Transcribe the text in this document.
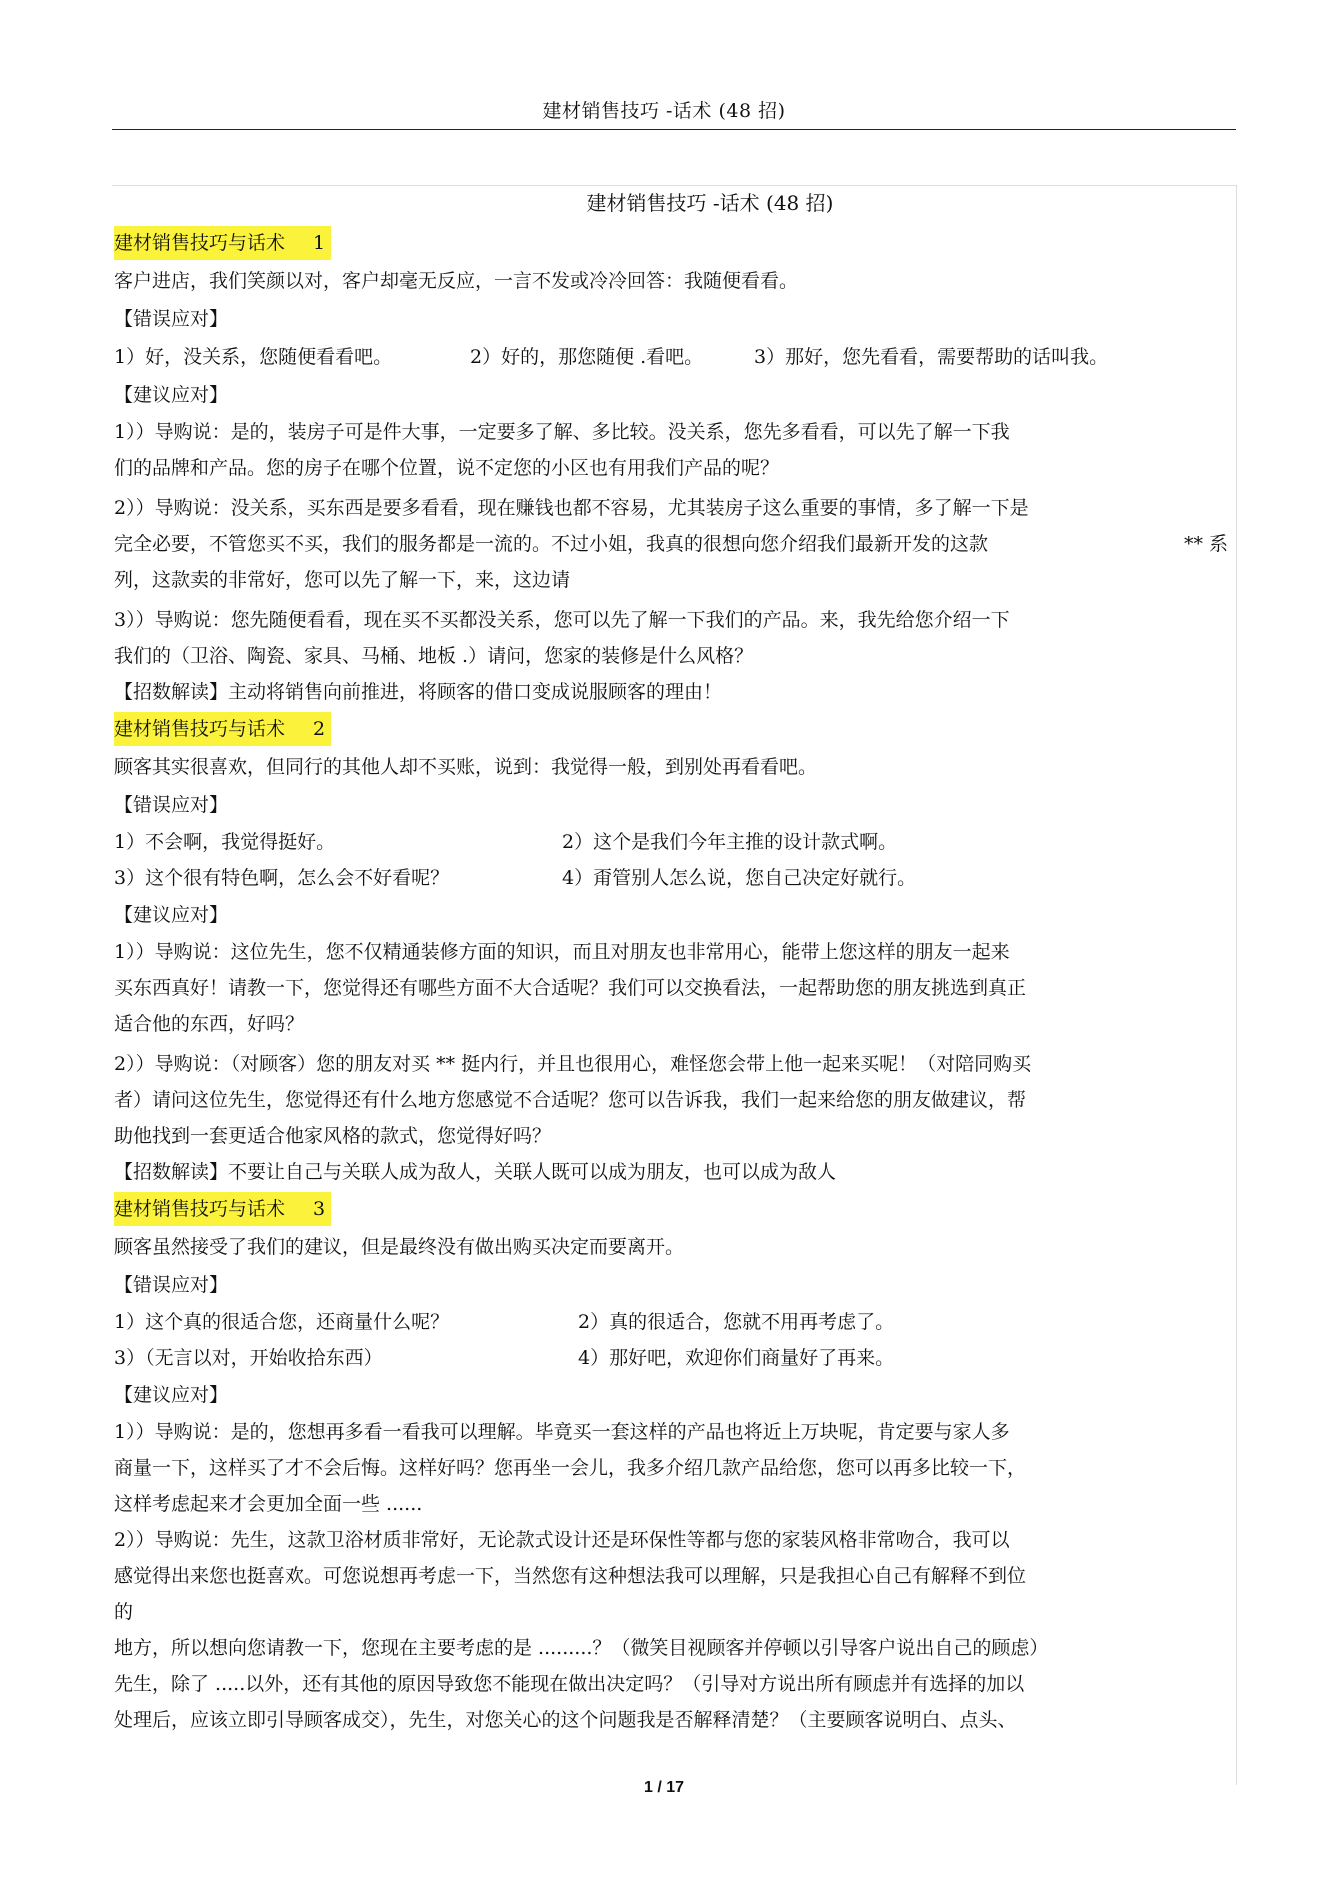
建材销售技巧 -话术 (48 招)
建材销售技巧 -话术 (48 招)
建材销售技巧与话术 1

客户进店，我们笑颜以对，客户却毫无反应，一言不发或冷冷回答：我随便看看。

【错误应对】

1）好，没关系，您随便看看吧。	2）好的，那您随便 .看吧。	3）那好，您先看看，需要帮助的话叫我。

【建议应对】

1））导购说：是的，装房子可是件大事，一定要多了解、多比较。没关系，您先多看看，可以先了解一下我

们的品牌和产品。您的房子在哪个位置，说不定您的小区也有用我们产品的呢？

2））导购说：没关系，买东西是要多看看，现在赚钱也都不容易，尤其装房子这么重要的事情，多了解一下是

完全必要，不管您买不买，我们的服务都是一流的。不过小姐，我真的很想向您介绍我们最新开发的这款	** 系

列，这款卖的非常好，您可以先了解一下，来，这边请

3））导购说：您先随便看看，现在买不买都没关系，您可以先了解一下我们的产品。来，我先给您介绍一下

我们的（卫浴、陶瓷、家具、马桶、地板 .）请问，您家的装修是什么风格？

【招数解读】主动将销售向前推进，将顾客的借口变成说服顾客的理由！

建材销售技巧与话术 2

顾客其实很喜欢，但同行的其他人却不买账，说到：我觉得一般，到别处再看看吧。

【错误应对】

1）不会啊，我觉得挺好。	2）这个是我们今年主推的设计款式啊。

3）这个很有特色啊，怎么会不好看呢？	4）甭管别人怎么说，您自己决定好就行。

【建议应对】

1））导购说：这位先生，您不仅精通装修方面的知识，而且对朋友也非常用心，能带上您这样的朋友一起来

买东西真好！请教一下，您觉得还有哪些方面不大合适呢？我们可以交换看法，一起帮助您的朋友挑选到真正

适合他的东西，好吗？

2））导购说：（对顾客）您的朋友对买 ** 挺内行，并且也很用心，难怪您会带上他一起来买呢！（对陪同购买

者）请问这位先生，您觉得还有什么地方您感觉不合适呢？您可以告诉我，我们一起来给您的朋友做建议，帮

助他找到一套更适合他家风格的款式，您觉得好吗？

【招数解读】不要让自己与关联人成为敌人，关联人既可以成为朋友，也可以成为敌人

建材销售技巧与话术 3

顾客虽然接受了我们的建议，但是最终没有做出购买决定而要离开。

【错误应对】

1）这个真的很适合您，还商量什么呢？	2）真的很适合，您就不用再考虑了。

3）（无言以对，开始收拾东西）	4）那好吧，欢迎你们商量好了再来。

【建议应对】

1））导购说：是的，您想再多看一看我可以理解。毕竟买一套这样的产品也将近上万块呢，肯定要与家人多

商量一下，这样买了才不会后悔。这样好吗？您再坐一会儿，我多介绍几款产品给您，您可以再多比较一下，

这样考虑起来才会更加全面一些 ......

2））导购说：先生，这款卫浴材质非常好，无论款式设计还是环保性等都与您的家装风格非常吻合，我可以

感觉得出来您也挺喜欢。可您说想再考虑一下，当然您有这种想法我可以理解，只是我担心自己有解释不到位

的

地方，所以想向您请教一下，您现在主要考虑的是 .........？（微笑目视顾客并停顿以引导客户说出自己的顾虑）

先生，除了 .....以外，还有其他的原因导致您不能现在做出决定吗？（引导对方说出所有顾虑并有选择的加以

处理后，应该立即引导顾客成交），先生，对您关心的这个问题我是否解释清楚？（主要顾客说明白、点头、

1 / 17
